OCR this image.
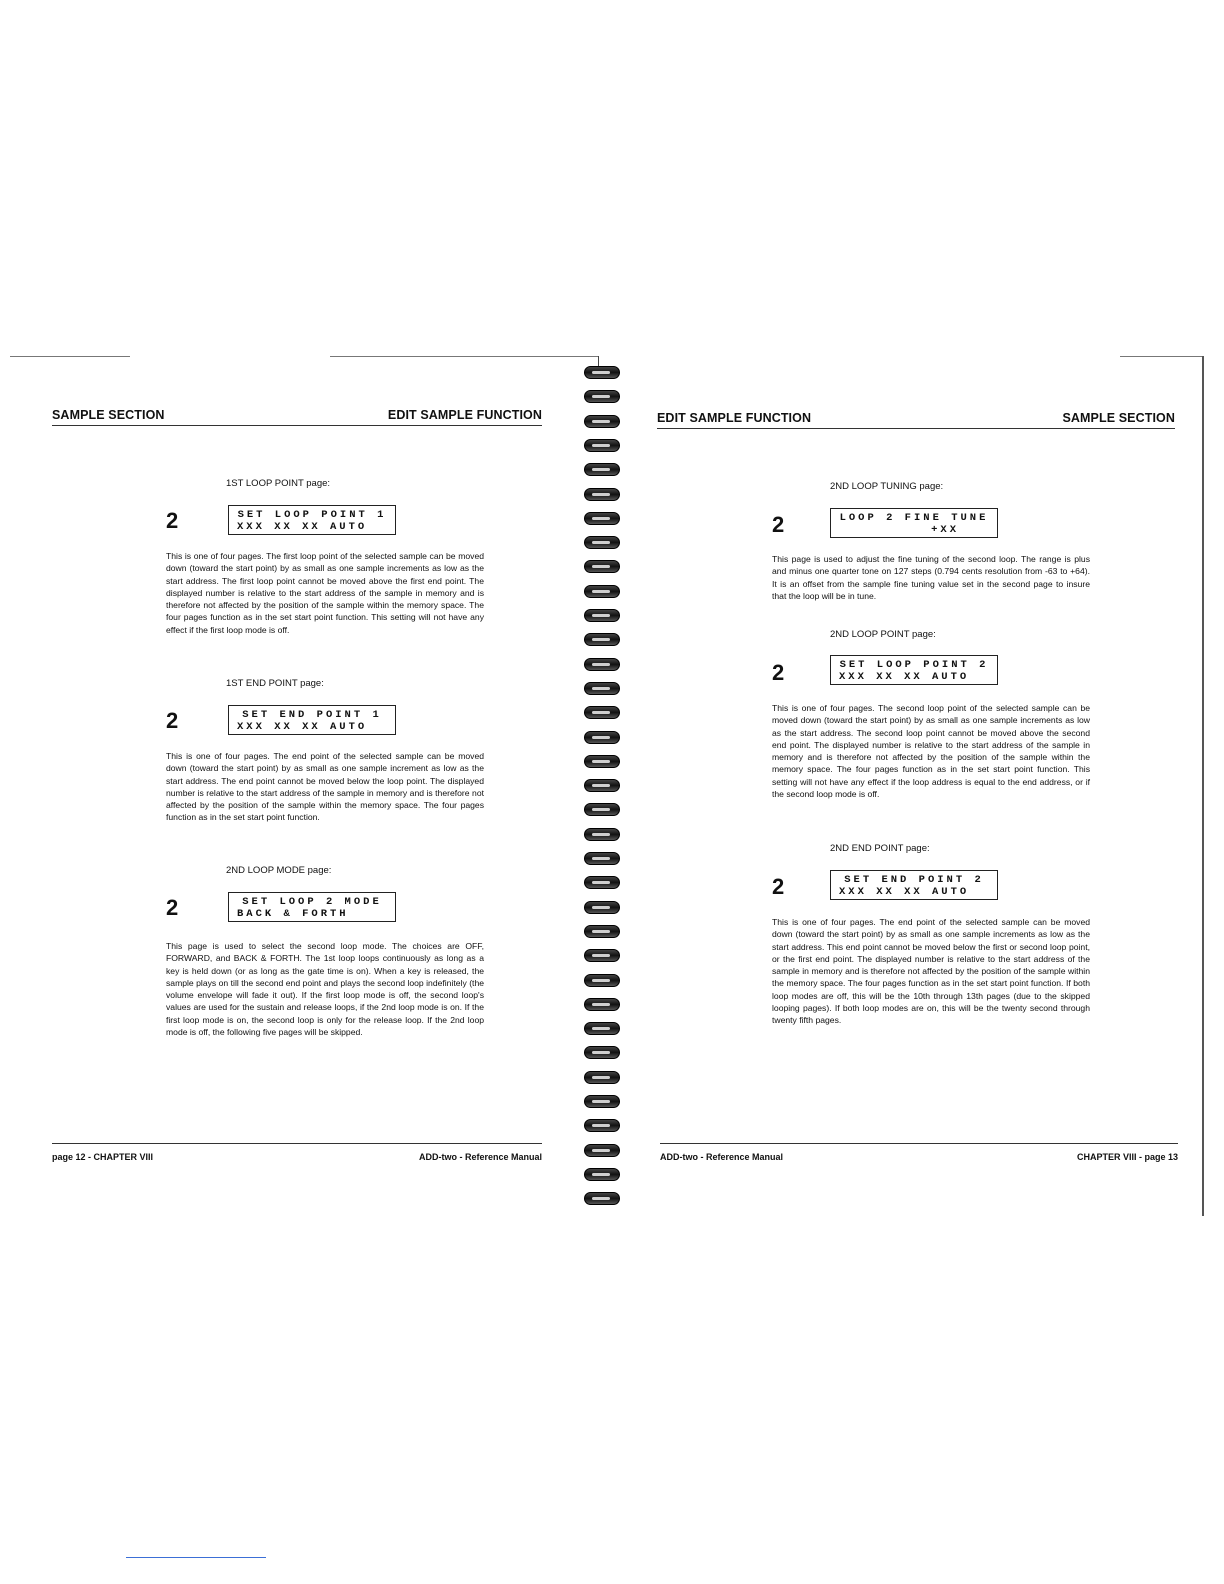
SAMPLE SECTION	EDIT SAMPLE FUNCTION
1ST LOOP POINT page:
2	SET LOOP POINT 1
XXX XX XX AUTO
This is one of four pages. The first loop point of the selected sample can be moved down (toward the start point) by as small as one sample increments as low as the start address. The first loop point cannot be moved above the first end point. The displayed number is relative to the start address of the sample in memory and is therefore not affected by the position of the sample within the memory space. The four pages function as in the set start point function. This setting will not have any effect if the first loop mode is off.
1ST END POINT page:
2	SET END POINT 1
XXX XX XX AUTO
This is one of four pages. The end point of the selected sample can be moved down (toward the start point) by as small as one sample increment as low as the start address. The end point cannot be moved below the loop point. The displayed number is relative to the start address of the sample in memory and is therefore not affected by the position of the sample within the memory space. The four pages function as in the set start point function.
2ND LOOP MODE page:
2	SET LOOP 2 MODE
BACK & FORTH
This page is used to select the second loop mode. The choices are OFF, FORWARD, and BACK & FORTH. The 1st loop loops continuously as long as a key is held down (or as long as the gate time is on). When a key is released, the sample plays on till the second end point and plays the second loop indefinitely (the volume envelope will fade it out). If the first loop mode is off, the second loop's values are used for the sustain and release loops, if the 2nd loop mode is on. If the first loop mode is on, the second loop is only for the release loop. If the 2nd loop mode is off, the following five pages will be skipped.
page 12 - CHAPTER VIII	ADD-two - Reference Manual
EDIT SAMPLE FUNCTION	SAMPLE SECTION
2ND LOOP TUNING page:
2	LOOP 2 FINE TUNE
+XX
This page is used to adjust the fine tuning of the second loop. The range is plus and minus one quarter tone on 127 steps (0.794 cents resolution from -63 to +64). It is an offset from the sample fine tuning value set in the second page to insure that the loop will be in tune.
2ND LOOP POINT page:
2	SET LOOP POINT 2
XXX XX XX AUTO
This is one of four pages. The second loop point of the selected sample can be moved down (toward the start point) by as small as one sample increments as low as the start address. The second loop point cannot be moved above the second end point. The displayed number is relative to the start address of the sample in memory and is therefore not affected by the position of the sample within the memory space. The four pages function as in the set start point function. This setting will not have any effect if the loop address is equal to the end address, or if the second loop mode is off.
2ND END POINT page:
2	SET END POINT 2
XXX XX XX AUTO
This is one of four pages. The end point of the selected sample can be moved down (toward the start point) by as small as one sample increments as low as the start address. This end point cannot be moved below the first or second loop point, or the first end point. The displayed number is relative to the start address of the sample in memory and is therefore not affected by the position of the sample within the memory space. The four pages function as in the set start point function. If both loop modes are off, this will be the 10th through 13th pages (due to the skipped looping pages). If both loop modes are on, this will be the twenty second through twenty fifth pages.
ADD-two - Reference Manual	CHAPTER VIII - page 13
